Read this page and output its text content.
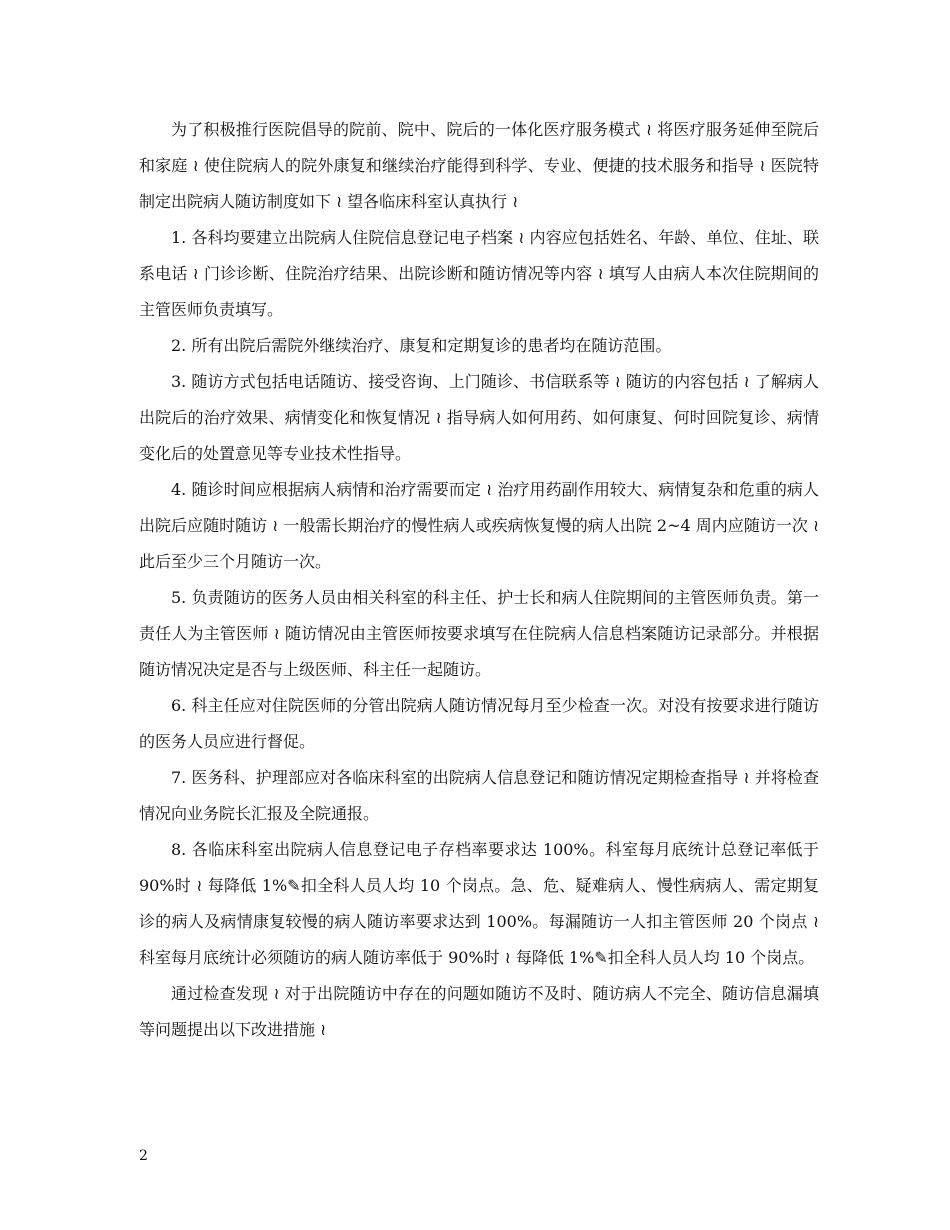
为了积极推行医院倡导的院前、院中、院后的一体化医疗服务模式 ≀ 将医疗服务延伸至院后和家庭 ≀ 使住院病人的院外康复和继续治疗能得到科学、专业、便捷的技术服务和指导 ≀ 医院特制定出院病人随访制度如下 ≀ 望各临床科室认真执行 ≀

1. 各科均要建立出院病人住院信息登记电子档案 ≀ 内容应包括姓名、年龄、单位、住址、联系电话 ≀ 门诊诊断、住院治疗结果、出院诊断和随访情况等内容 ≀ 填写人由病人本次住院期间的主管医师负责填写。

2. 所有出院后需院外继续治疗、康复和定期复诊的患者均在随访范围。

3. 随访方式包括电话随访、接受咨询、上门随诊、书信联系等 ≀ 随访的内容包括 ≀ 了解病人出院后的治疗效果、病情变化和恢复情况 ≀ 指导病人如何用药、如何康复、何时回院复诊、病情变化后的处置意见等专业技术性指导。

4. 随诊时间应根据病人病情和治疗需要而定 ≀ 治疗用药副作用较大、病情复杂和危重的病人出院后应随时随访 ≀ 一般需长期治疗的慢性病人或疾病恢复慢的病人出院 2~4 周内应随访一次 ≀ 此后至少三个月随访一次。

5. 负责随访的医务人员由相关科室的科主任、护士长和病人住院期间的主管医师负责。第一责任人为主管医师 ≀ 随访情况由主管医师按要求填写在住院病人信息档案随访记录部分。并根据随访情况决定是否与上级医师、科主任一起随访。

6. 科主任应对住院医师的分管出院病人随访情况每月至少检查一次。对没有按要求进行随访的医务人员应进行督促。

7. 医务科、护理部应对各临床科室的出院病人信息登记和随访情况定期检查指导 ≀ 并将检查情况向业务院长汇报及全院通报。

8. 各临床科室出院病人信息登记电子存档率要求达 100%。科室每月底统计总登记率低于 90%时 ≀ 每降低 1%✎扣全科人员人均 10 个岗点。急、危、疑难病人、慢性病病人、需定期复诊的病人及病情康复较慢的病人随访率要求达到 100%。每漏随访一人扣主管医师 20 个岗点 ≀ 科室每月底统计必须随访的病人随访率低于 90%时 ≀ 每降低 1%✎扣全科人员人均 10 个岗点。

通过检查发现 ≀ 对于出院随访中存在的问题如随访不及时、随访病人不完全、随访信息漏填等问题提出以下改进措施 ≀

2
